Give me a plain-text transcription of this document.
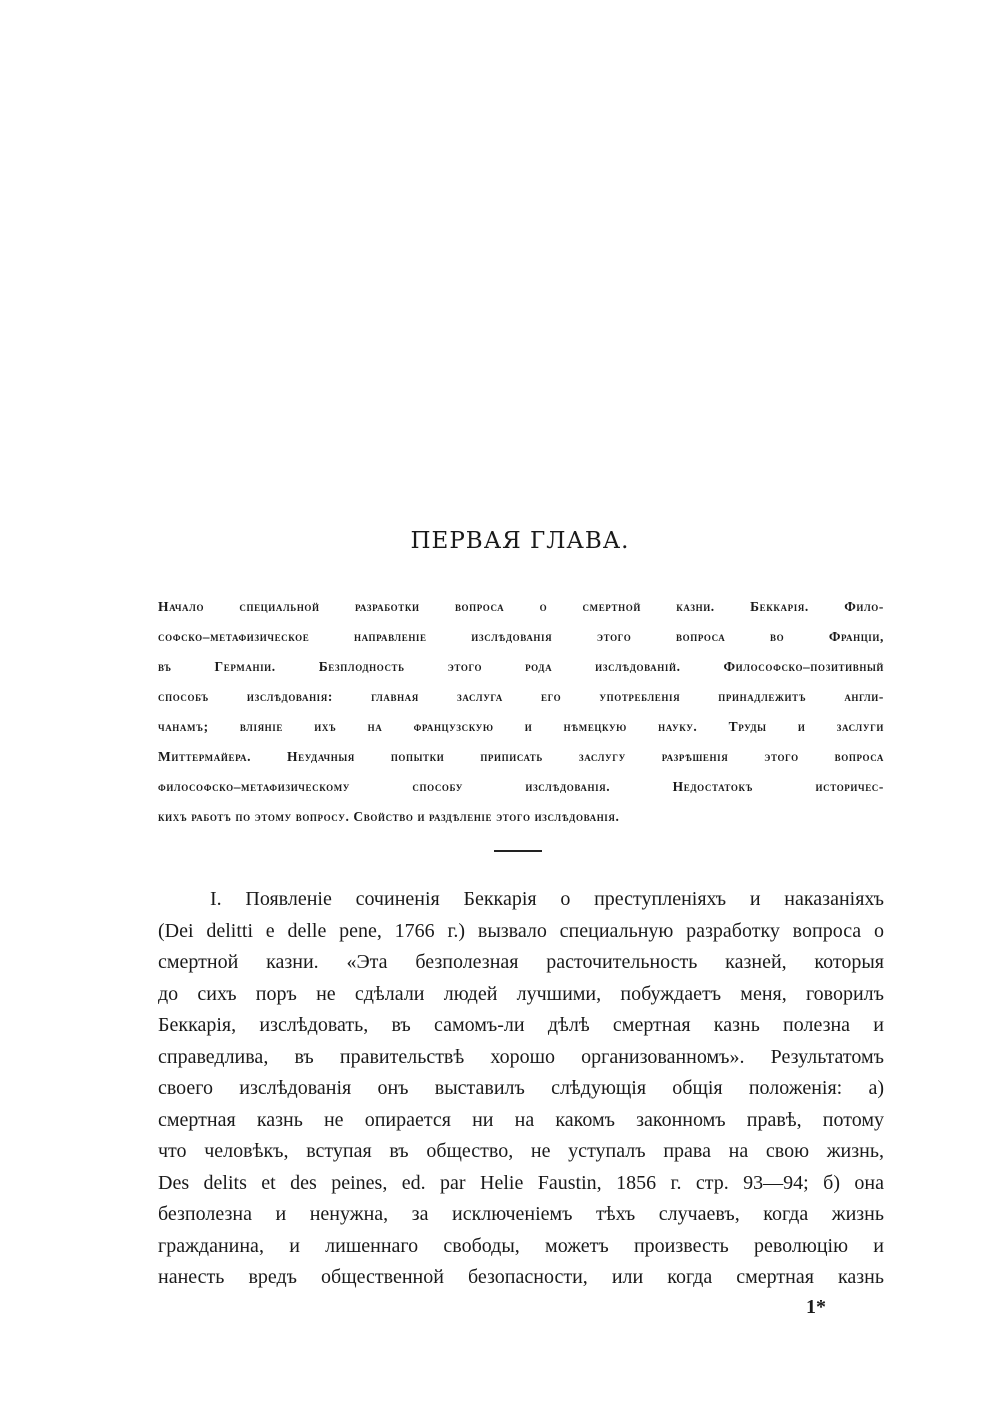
ПЕРВАЯ ГЛАВА.
Начало специальной разработки вопроса о смертной казни. Беккарія. Фило-
софско–метафизическое направленіе изслѣдованія этого вопроса во Франціи,
въ Германіи. Безплодность этого рода изслѣдованій. Философско–позитивный
способъ изслѣдованія: главная заслуга его употребленія принадлежитъ англи-
чанамъ; вліяніе ихъ на французскую и нѣмецкую науку. Труды и заслуги
Миттермайера. Неудачныя попытки приписать заслугу разрѣшенія этого вопроса
философско–метафизическому способу изслѣдованія. Недостатокъ историчес-
кихъ работъ по этому вопросу. Свойство и раздѣленіе этого изслѣдованія.
I. Появленіе сочиненія Беккарія о преступленіяхъ и наказаніяхъ
(Dei delitti e delle pene, 1766 г.) вызвало специальную разработку вопроса о
смертной казни. «Эта безполезная расточительность казней, которыя
до сихъ поръ не сдѣлали людей лучшими, побуждаетъ меня, говорилъ
Беккарія, изслѣдовать, въ самомъ-ли дѣлѣ смертная казнь полезна и
справедлива, въ правительствѣ хорошо организованномъ». Результатомъ
своего изслѣдованія онъ выставилъ слѣдующія общія положенія: а)
смертная казнь не опирается ни на какомъ законномъ правѣ, потому
что человѣкъ, вступая въ общество, не уступалъ права на свою жизнь,
Des delits et des peines, ed. par Helie Faustin, 1856 г. стр. 93—94; б) она
безполезна и ненужна, за исключеніемъ тѣхъ случаевъ, когда жизнь
гражданина, и лишеннаго свободы, можетъ произвесть революцію и
нанесть вредъ общественной безопасности, или когда смертная казнь
1*
